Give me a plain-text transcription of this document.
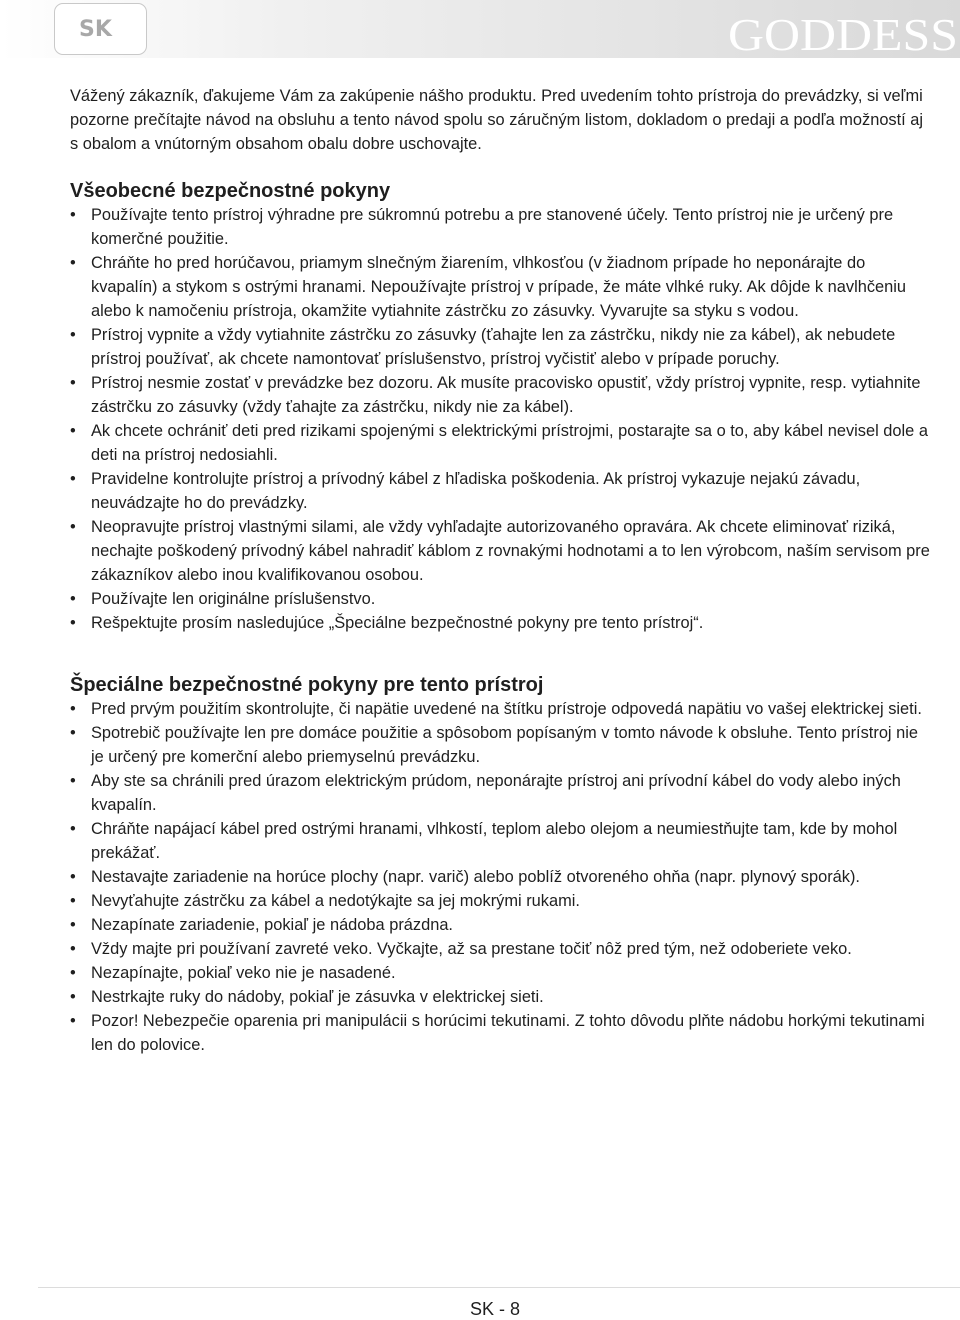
SK	GODDESS

Vážený zákazník, ďakujeme Vám za zakúpenie nášho produktu. Pred uvedením tohto prístroja do prevádzky, si veľmi pozorne prečítajte návod na obsluhu a tento návod spolu so záručným listom, dokladom o predaji a podľa možností aj s obalom a vnútorným obsahom obalu dobre uschovajte.

Všeobecné bezpečnostné pokyny
• Používajte tento prístroj výhradne pre súkromnú potrebu a pre stanovené účely. Tento prístroj nie je určený pre komerčné použitie.
• Chráňte ho pred horúčavou, priamym slnečným žiarením, vlhkosťou (v žiadnom prípade ho neponárajte do kvapalín) a stykom s ostrými hranami. Nepoužívajte prístroj v prípade, že máte vlhké ruky. Ak dôjde k navlhčeniu alebo k namočeniu prístroja, okamžite vytiahnite zástrčku zo zásuvky. Vyvarujte sa styku s vodou.
• Prístroj vypnite a vždy vytiahnite zástrčku zo zásuvky (ťahajte len za zástrčku, nikdy nie za kábel), ak nebudete prístroj používať, ak chcete namontovať príslušenstvo, prístroj vyčistiť alebo v prípade poruchy.
• Prístroj nesmie zostať v prevádzke bez dozoru. Ak musíte pracovisko opustiť, vždy prístroj vypnite, resp. vytiahnite zástrčku zo zásuvky (vždy ťahajte za zástrčku, nikdy nie za kábel).
• Ak chcete ochrániť deti pred rizikami spojenými s elektrickými prístrojmi, postarajte sa o to, aby kábel nevisel dole a deti na prístroj nedosiahli.
• Pravidelne kontrolujte prístroj a prívodný kábel z hľadiska poškodenia. Ak prístroj vykazuje nejakú závadu, neuvádzajte ho do prevádzky.
• Neopravujte prístroj vlastnými silami, ale vždy vyhľadajte autorizovaného opravára. Ak chcete eliminovať riziká, nechajte poškodený prívodný kábel nahradiť káblom z rovnakými hodnotami a to len výrobcom, naším servisom pre zákazníkov alebo inou kvalifikovanou osobou.
• Používajte len originálne príslušenstvo.
• Rešpektujte prosím nasledujúce „Špeciálne bezpečnostné pokyny pre tento prístroj“.
Špeciálne bezpečnostné pokyny pre tento prístroj
• Pred prvým použitím skontrolujte, či napätie uvedené na štítku prístroje odpovedá napätiu vo vašej elektrickej sieti.
• Spotrebič používajte len pre domáce použitie a spôsobom popísaným v tomto návode k obsluhe. Tento prístroj nie je určený pre komerční alebo priemyselnú prevádzku.
• Aby ste sa chránili pred úrazom elektrickým prúdom, neponárajte prístroj ani prívodní kábel do vody alebo iných kvapalín.
• Chráňte napájací kábel pred ostrými hranami, vlhkostí, teplom alebo olejom a neumiestňujte tam, kde by mohol prekážať.
• Nestavajte zariadenie na horúce plochy (napr. varič) alebo poblíž otvoreného ohňa (napr. plynový sporák).
• Nevyťahujte zástrčku za kábel a nedotýkajte sa jej mokrými rukami.
• Nezapínate zariadenie, pokiaľ je nádoba prázdna.
• Vždy majte pri používaní zavreté veko. Vyčkajte, až sa prestane točiť nôž pred tým, než odoberiete veko.
• Nezapínajte, pokiaľ veko nie je nasadené.
• Nestrkajte ruky do nádoby, pokiaľ je zásuvka v elektrickej sieti.
• Pozor! Nebezpečie oparenia pri manipulácii s horúcimi tekutinami. Z tohto dôvodu plňte nádobu horkými tekutinami len do polovice.
SK - 8
